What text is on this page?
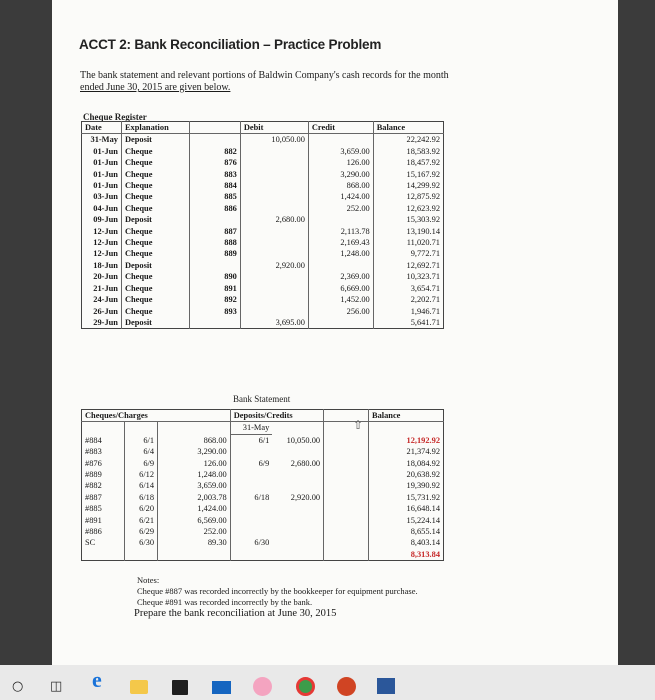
ACCT 2: Bank Reconciliation – Practice Problem
The bank statement and relevant portions of Baldwin Company's cash records for the month
ended June 30, 2015 are given below.
Cheque Register
Date	Explanation		Debit	Credit	Balance
31-May	Deposit		10,050.00		22,242.92
01-Jun	Cheque	882		3,659.00	18,583.92
01-Jun	Cheque	876		126.00	18,457.92
01-Jun	Cheque	883		3,290.00	15,167.92
01-Jun	Cheque	884		868.00	14,299.92
03-Jun	Cheque	885		1,424.00	12,875.92
04-Jun	Cheque	886		252.00	12,623.92
09-Jun	Deposit		2,680.00		15,303.92
12-Jun	Cheque	887		2,113.78	13,190.14
12-Jun	Cheque	888		2,169.43	11,020.71
12-Jun	Cheque	889		1,248.00	9,772.71
18-Jun	Deposit		2,920.00		12,692.71
20-Jun	Cheque	890		2,369.00	10,323.71
21-Jun	Cheque	891		6,669.00	3,654.71
24-Jun	Cheque	892		1,452.00	2,202.71
26-Jun	Cheque	893		256.00	1,946.71
29-Jun	Deposit		3,695.00		5,641.71
Bank Statement
⇧
Cheques/Charges			Deposits/Credits			Balance
			31-May			
#884	6/1	868.00	6/1	10,050.00		12,192.92
#883	6/4	3,290.00				21,374.92
#876	6/9	126.00	6/9	2,680.00		18,084.92
#889	6/12	1,248.00				20,638.92
#882	6/14	3,659.00				19,390.92
#887	6/18	2,003.78	6/18	2,920.00		15,731.92
#885	6/20	1,424.00				16,648.14
#891	6/21	6,569.00				15,224.14
#886	6/29	252.00				8,655.14
SC	6/30	89.30	6/30			8,403.14
						8,313.84
Notes:
Cheque #887 was recorded incorrectly by the bookkeeper for equipment purchase.
Cheque #891 was recorded incorrectly by the bank.
Prepare the bank reconciliation at June 30, 2015
○ ◫ e
